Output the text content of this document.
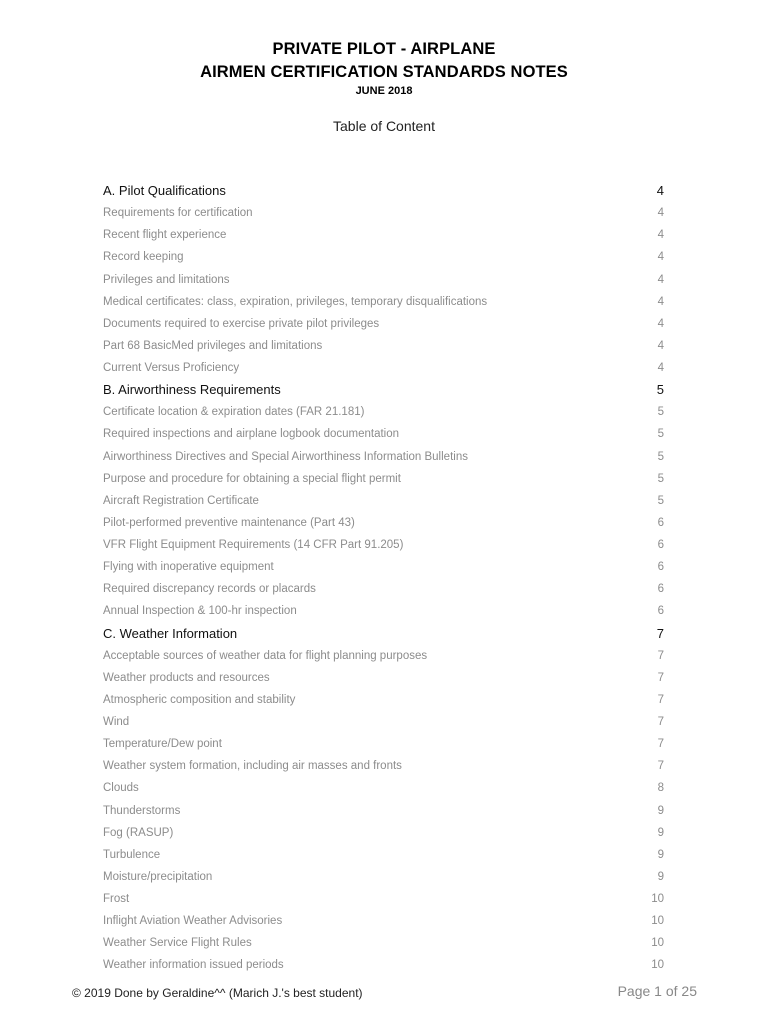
PRIVATE PILOT - AIRPLANE
AIRMEN CERTIFICATION STANDARDS NOTES
JUNE 2018
Table of Content
A. Pilot Qualifications	4
Requirements for certification	4
Recent flight experience	4
Record keeping	4
Privileges and limitations	4
Medical certificates: class, expiration, privileges, temporary disqualifications	4
Documents required to exercise private pilot privileges	4
Part 68 BasicMed privileges and limitations	4
Current Versus Proficiency	4
B. Airworthiness Requirements	5
Certificate location & expiration dates (FAR 21.181)	5
Required inspections and airplane logbook documentation	5
Airworthiness Directives and Special Airworthiness Information Bulletins	5
Purpose and procedure for obtaining a special flight permit	5
Aircraft Registration Certificate	5
Pilot-performed preventive maintenance (Part 43)	6
VFR Flight Equipment Requirements (14 CFR Part 91.205)	6
Flying with inoperative equipment	6
Required discrepancy records or placards	6
Annual Inspection & 100-hr inspection	6
C. Weather Information	7
Acceptable sources of weather data for flight planning purposes	7
Weather products and resources	7
Atmospheric composition and stability	7
Wind	7
Temperature/Dew point	7
Weather system formation, including air masses and fronts	7
Clouds	8
Thunderstorms	9
Fog (RASUP)	9
Turbulence	9
Moisture/precipitation	9
Frost	10
Inflight Aviation Weather Advisories	10
Weather Service Flight Rules	10
Weather information issued periods	10
© 2019 Done by Geraldine^^ (Marich J.'s best student)	Page 1 of 25
